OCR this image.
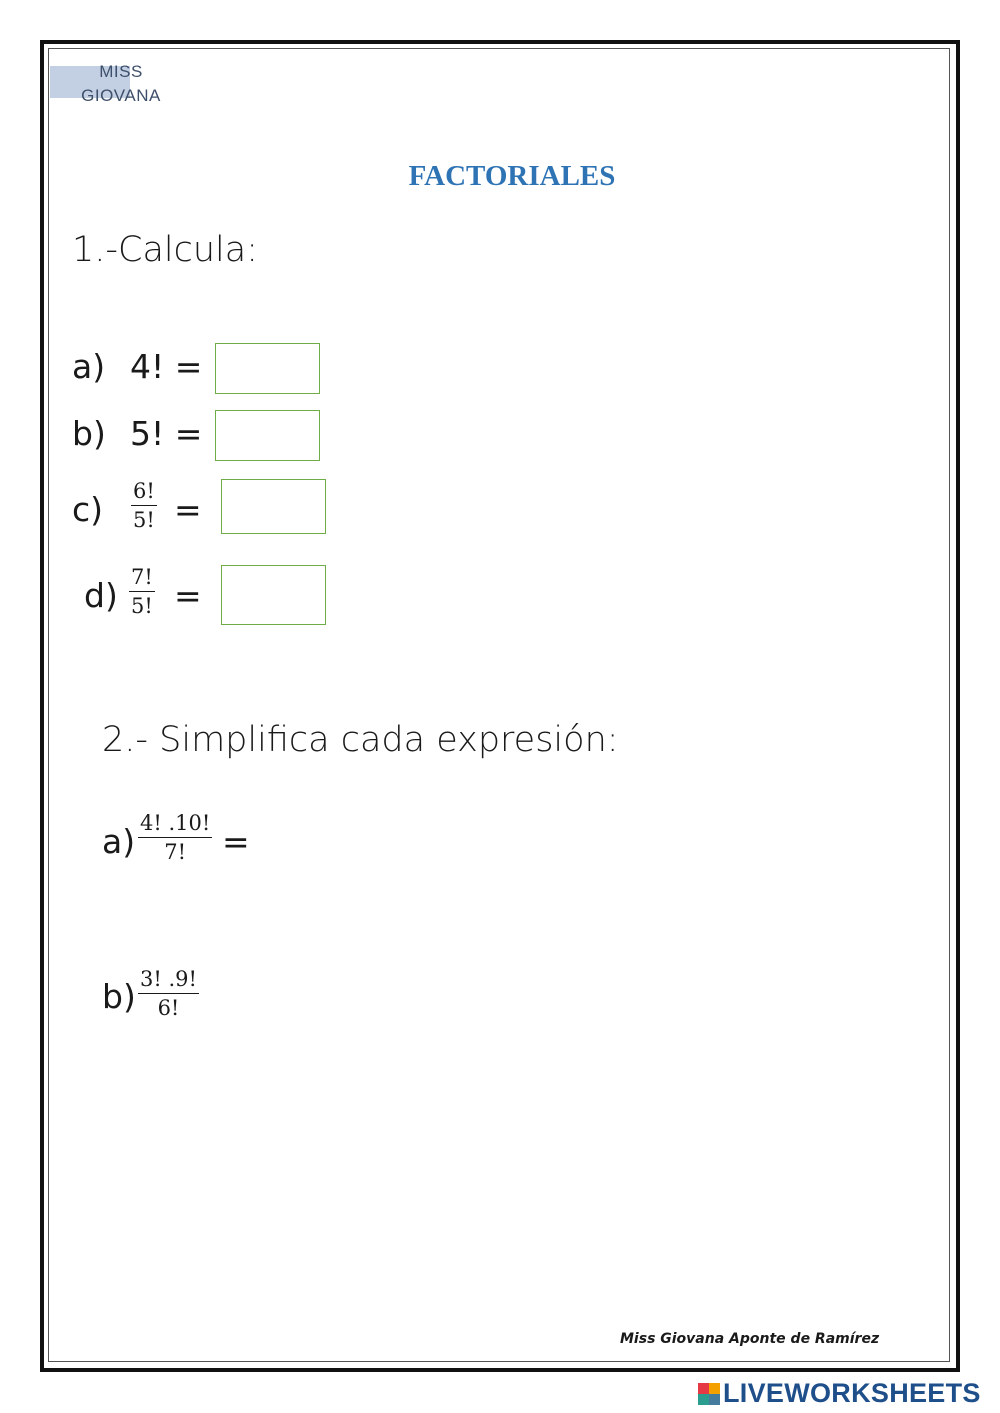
MISS
GIOVANA
FACTORIALES
1.-Calcula:
a) 4! =
b) 5! =
c) 6!
5! =
d) 7!
5! =
2.- Simplifica cada expresión:
a) 4! .10!
7! =
b) 3! .9!
6!
Miss Giovana Aponte de Ramírez
LIVEWORKSHEETS
